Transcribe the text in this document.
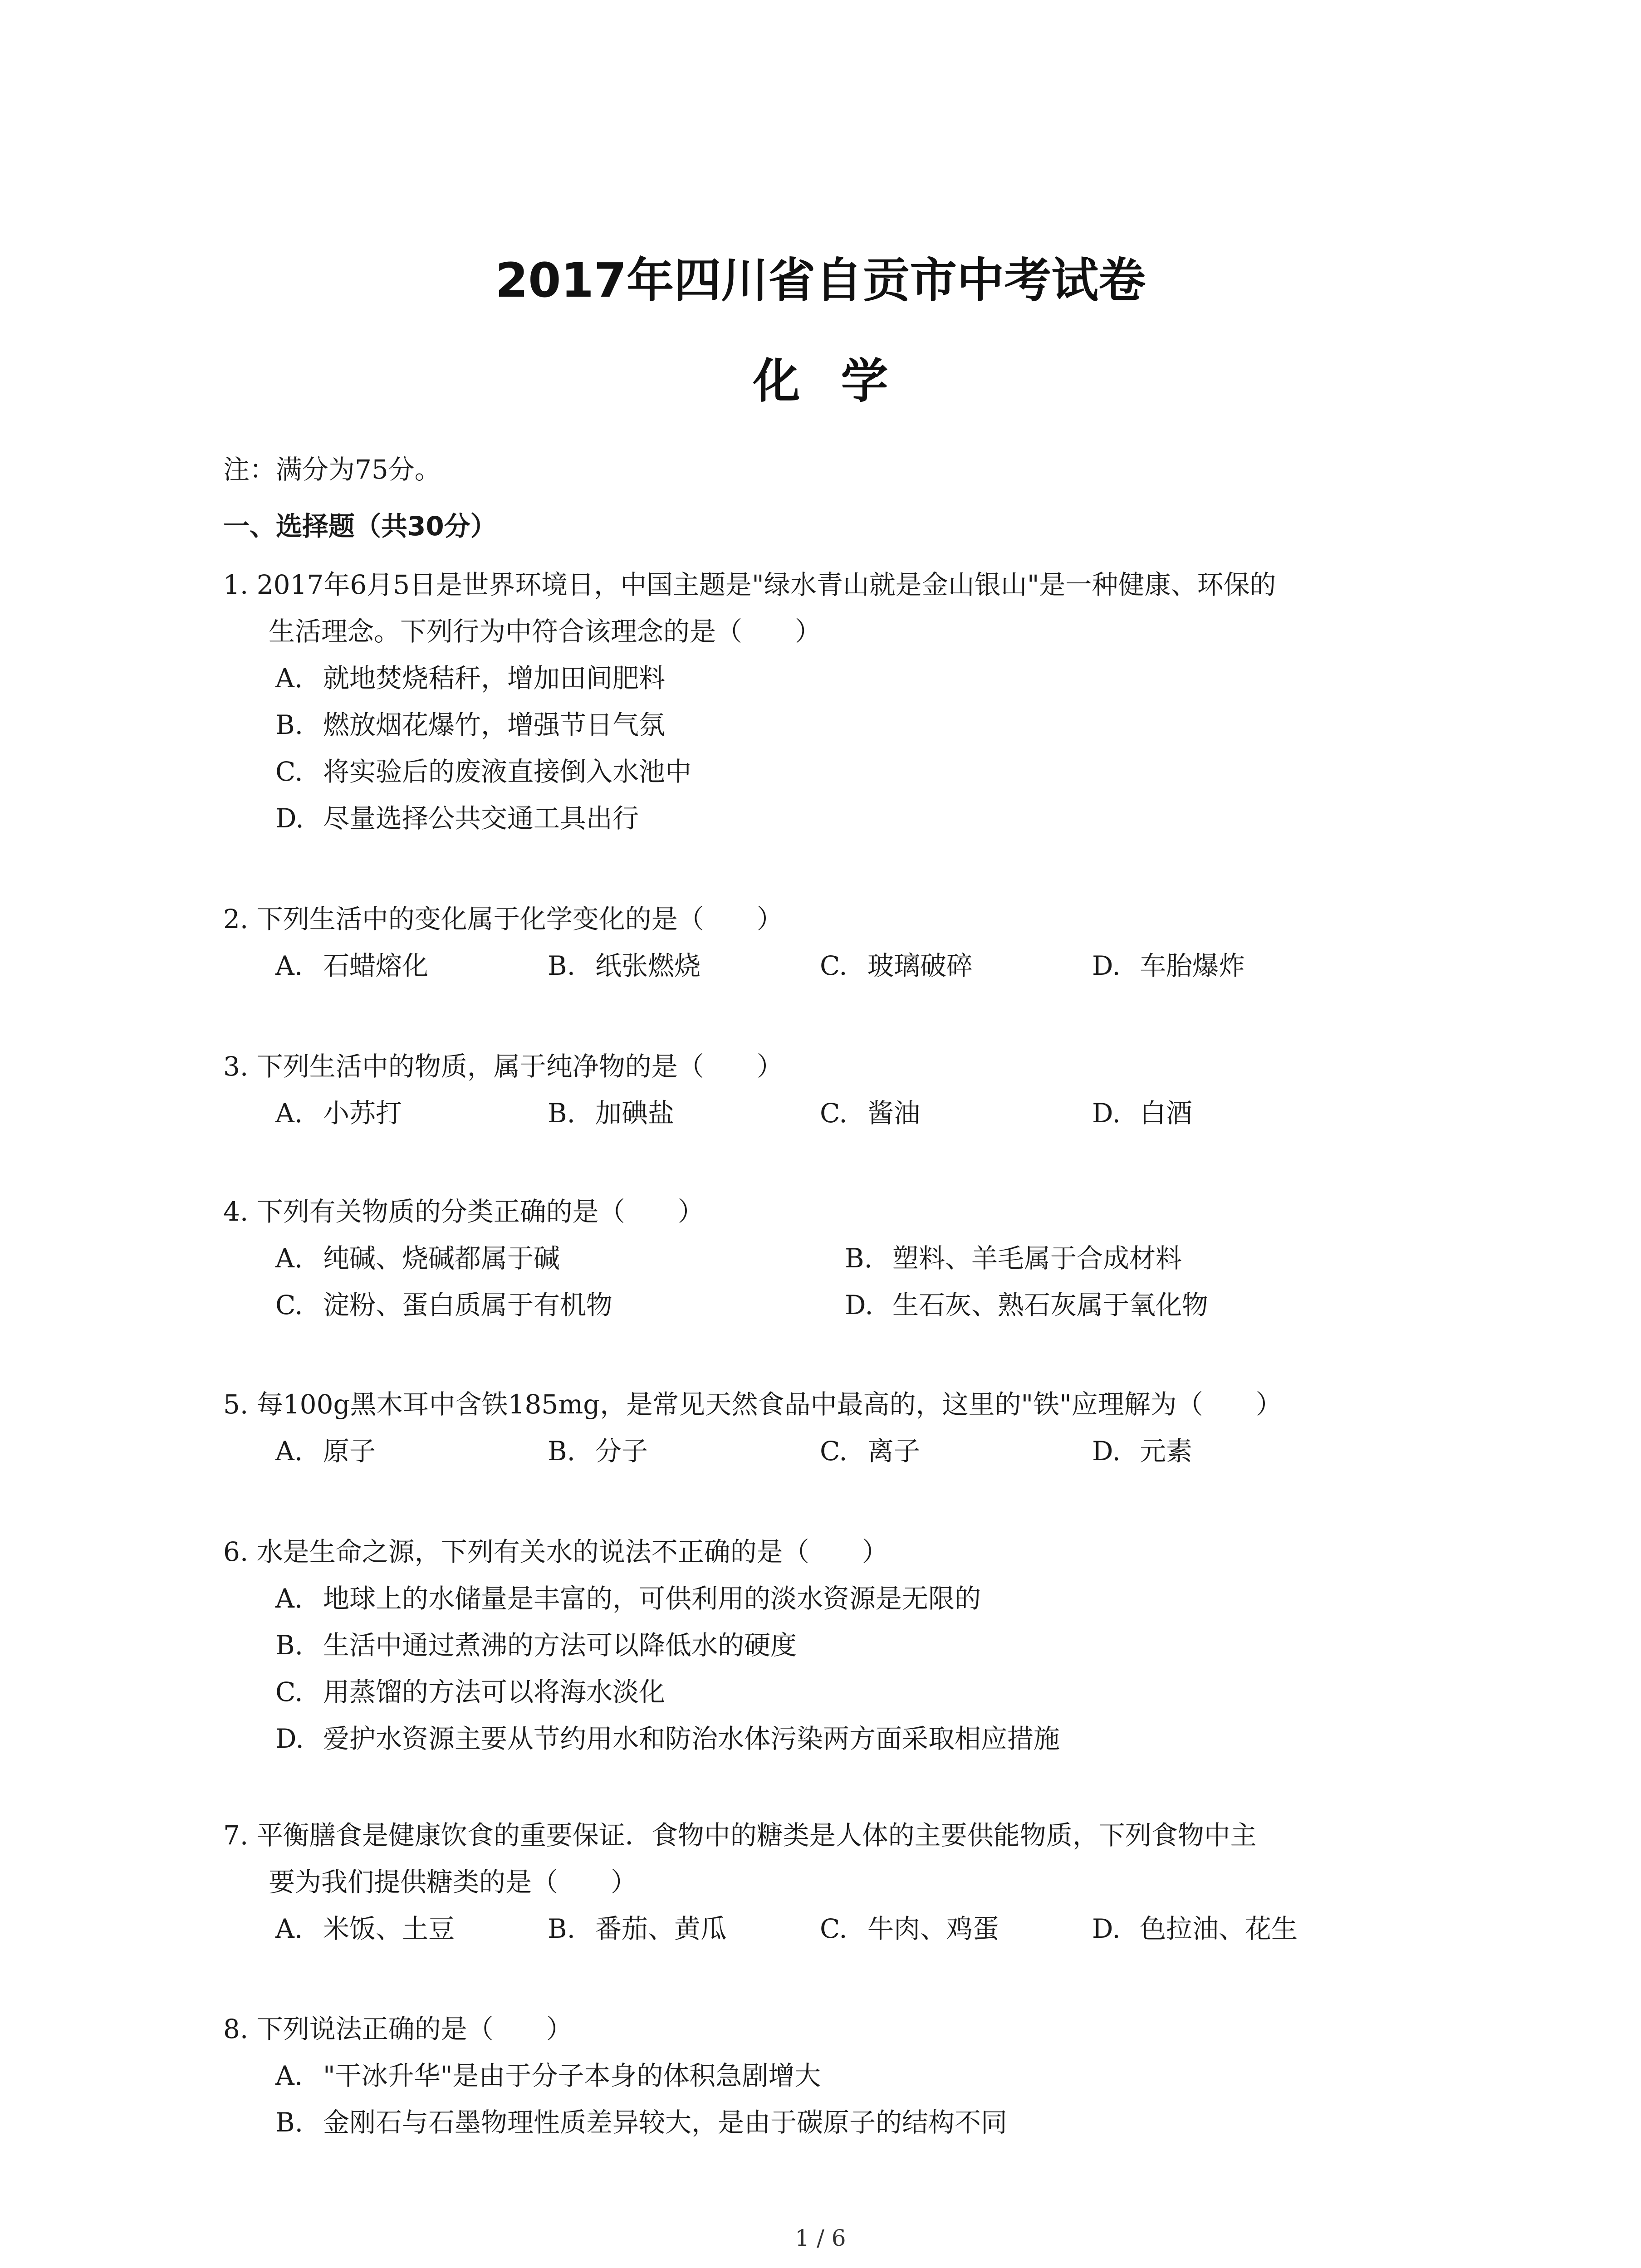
2017年四川省自贡市中考试卷
化学
注：满分为75分。
一、选择题（共30分）
1. 2017年6月5日是世界环境日，中国主题是"绿水青山就是金山银山"是一种健康、环保的
生活理念。下列行为中符合该理念的是（　　）
A. 就地焚烧秸秆，增加田间肥料
B. 燃放烟花爆竹，增强节日气氛
C. 将实验后的废液直接倒入水池中
D. 尽量选择公共交通工具出行
2. 下列生活中的变化属于化学变化的是（　　）
A. 石蜡熔化	B. 纸张燃烧	C. 玻璃破碎	D. 车胎爆炸
3. 下列生活中的物质，属于纯净物的是（　　）
A. 小苏打	B. 加碘盐	C. 酱油	D. 白酒
4. 下列有关物质的分类正确的是（　　）
A. 纯碱、烧碱都属于碱	B. 塑料、羊毛属于合成材料
C. 淀粉、蛋白质属于有机物	D. 生石灰、熟石灰属于氧化物
5. 每100g黑木耳中含铁185mg，是常见天然食品中最高的，这里的"铁"应理解为（　　）
A. 原子	B. 分子	C. 离子	D. 元素
6. 水是生命之源，下列有关水的说法不正确的是（　　）
A. 地球上的水储量是丰富的，可供利用的淡水资源是无限的
B. 生活中通过煮沸的方法可以降低水的硬度
C. 用蒸馏的方法可以将海水淡化
D. 爱护水资源主要从节约用水和防治水体污染两方面采取相应措施
7. 平衡膳食是健康饮食的重要保证．食物中的糖类是人体的主要供能物质，下列食物中主
要为我们提供糖类的是（　　）
A. 米饭、土豆	B. 番茄、黄瓜	C. 牛肉、鸡蛋	D. 色拉油、花生
8. 下列说法正确的是（　　）
A. "干冰升华"是由于分子本身的体积急剧增大
B. 金刚石与石墨物理性质差异较大，是由于碳原子的结构不同
1 / 6
